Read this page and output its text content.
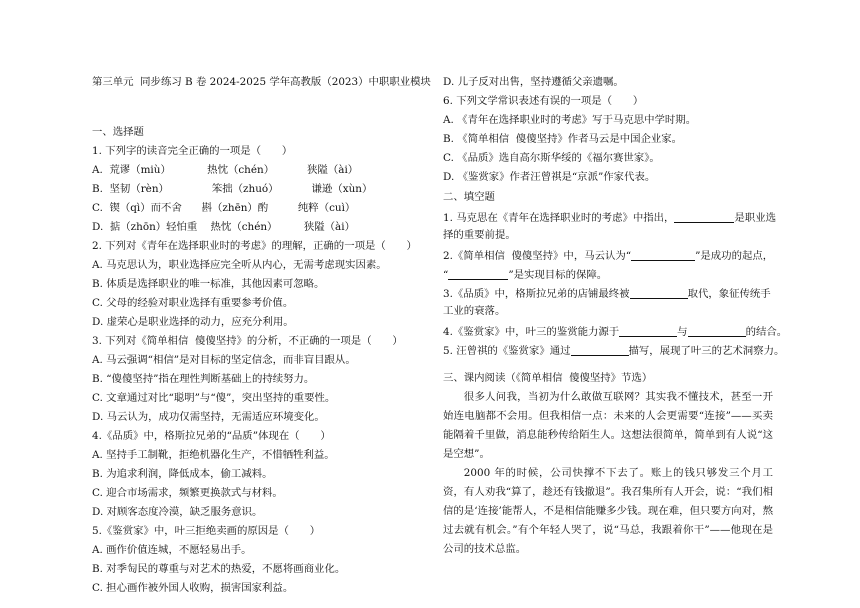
第三单元  同步练习 B 卷 2024-2025 学年高教版（2023）中职职业模块
一、选择题
1. 下列字的读音完全正确的一项是（　　）
A.  荒谬（miù）           热忱（chén）          狭隘（ài）
B.  坚韧（rèn）             笨拙（zhuó）          谦逊（xùn）
C.  锲（qì）而不舍      斟（zhēn）酌         纯粹（cuì）
D.  掂（zhōn）轻怕重    热忱（chén）        狭隘（ài）
2. 下列对《青年在选择职业时的考虑》的理解，正确的一项是（　　）
A. 马克思认为，职业选择应完全听从内心，无需考虑现实因素。
B. 体质是选择职业的唯一标准，其他因素可忽略。
C. 父母的经验对职业选择有重要参考价值。
D. 虚荣心是职业选择的动力，应充分利用。
3. 下列对《简单相信  傻傻坚持》的分析，不正确的一项是（　　）
A. 马云强调“相信”是对目标的坚定信念，而非盲目跟从。
B. “傻傻坚持”指在理性判断基础上的持续努力。
C. 文章通过对比“聪明”与“傻”，突出坚持的重要性。
D. 马云认为，成功仅需坚持，无需适应环境变化。
4.《品质》中，格斯拉兄弟的“品质”体现在（　　）
A. 坚持手工制靴，拒绝机器化生产，不惜牺牲利益。
B. 为追求利润，降低成本，偷工减料。
C. 迎合市场需求，频繁更换款式与材料。
D. 对顾客态度冷漠，缺乏服务意识。
5.《鉴赏家》中，叶三拒绝卖画的原因是（　　）
A. 画作价值连城，不愿轻易出手。
B. 对季匋民的尊重与对艺术的热爱，不愿将画商业化。
C. 担心画作被外国人收购，损害国家利益。
D. 儿子反对出售，坚持遵循父亲遗嘱。
6. 下列文学常识表述有误的一项是（　　）
A. 《青年在选择职业时的考虑》写于马克思中学时期。
B. 《简单相信  傻傻坚持》作者马云是中国企业家。
C. 《品质》选自高尔斯华绥的《福尔赛世家》。
D. 《鉴赏家》作者汪曾祺是“京派”作家代表。
二、填空题
1. 马克思在《青年在选择职业时的考虑》中指出，	是职业选
择的重要前提。
2.《简单相信  傻傻坚持》中，马云认为“	”是成功的起点，
“	”是实现目标的保障。
3.《品质》中，格斯拉兄弟的店铺最终被	取代，象征传统手
工业的衰落。
4.《鉴赏家》中，叶三的鉴赏能力源于	与	的结合。
5. 汪曾祺的《鉴赏家》通过	描写，展现了叶三的艺术洞察力。
三、课内阅读（《简单相信  傻傻坚持》节选）
很多人问我，当初为什么敢做互联网？其实我不懂技术，甚至一开始连电脑都不会用。但我相信一点：未来的人会更需要“连接”——买卖能隔着千里做，消息能秒传给陌生人。这想法很简单，简单到有人说“这是空想”。
2000 年的时候，公司快撑不下去了。账上的钱只够发三个月工资，有人劝我“算了，趁还有钱撤退”。我召集所有人开会，说：“我们相信的是‘连接’能帮人，不是相信能赚多少钱。现在难，但只要方向对，熬过去就有机会。”有个年轻人哭了，说“马总，我跟着你干”——他现在是公司的技术总监。
